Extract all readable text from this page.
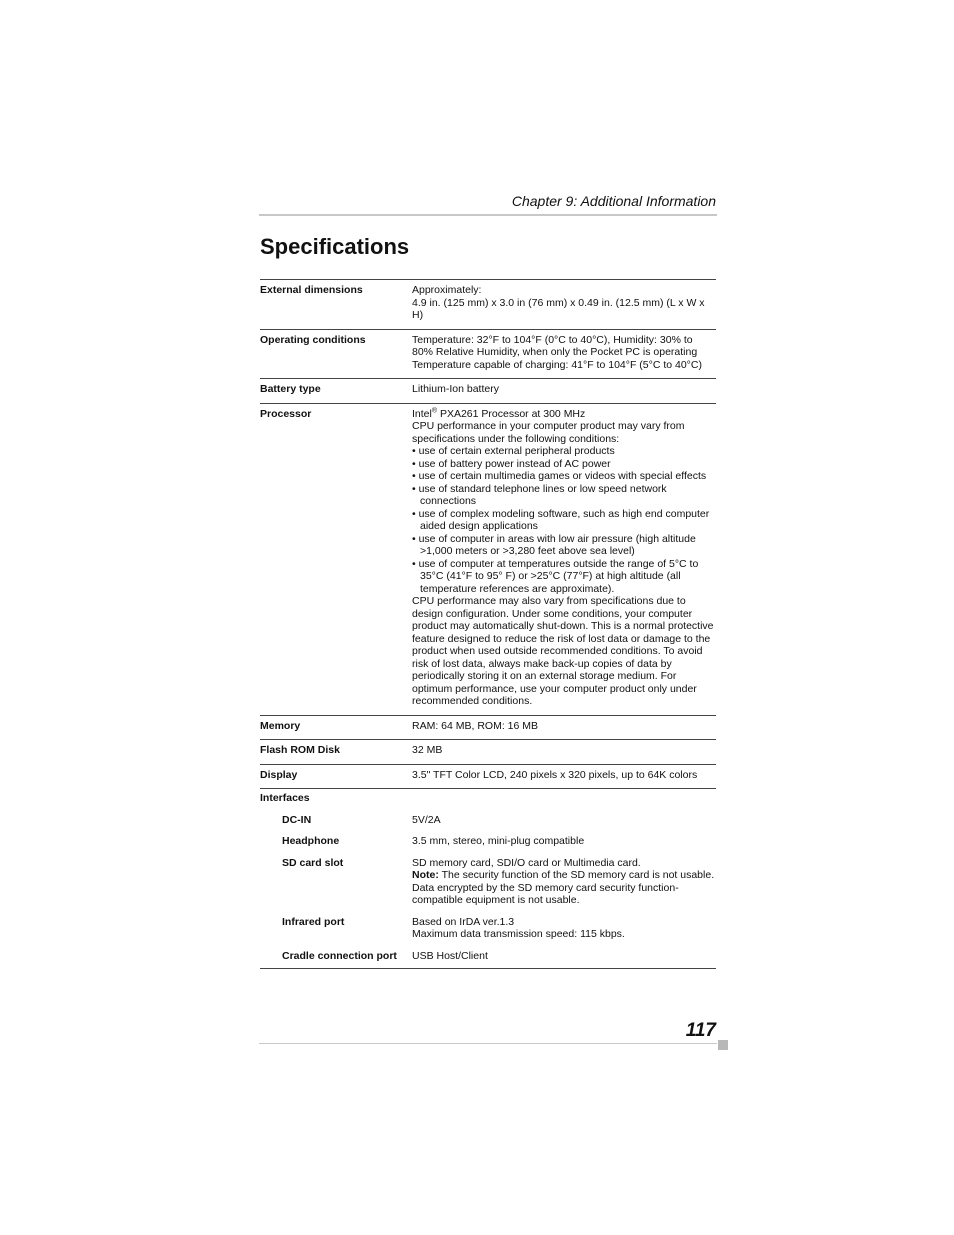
Chapter 9: Additional Information
Specifications
External dimensions	Approximately:
4.9 in. (125 mm) x 3.0 in (76 mm) x 0.49 in. (12.5 mm) (L x W x H)
Operating conditions	Temperature: 32°F to 104°F (0°C to 40°C), Humidity: 30% to
80% Relative Humidity, when only the Pocket PC is operating
Temperature capable of charging: 41°F to 104°F (5°C to 40°C)
Battery type	Lithium-Ion battery
Processor	Intel® PXA261 Processor at 300 MHz
CPU performance in your computer product may vary from
specifications under the following conditions:
• use of certain external peripheral products
• use of battery power instead of AC power
• use of certain multimedia games or videos with special effects
• use of standard telephone lines or low speed network connections
• use of complex modeling software, such as high end computer aided design applications
• use of computer in areas with low air pressure (high altitude >1,000 meters or >3,280 feet above sea level)
• use of computer at temperatures outside the range of 5°C to 35°C (41°F to 95° F) or >25°C (77°F) at high altitude (all temperature references are approximate).
CPU performance may also vary from specifications due to design configuration. Under some conditions, your computer product may automatically shut-down. This is a normal protective feature designed to reduce the risk of lost data or damage to the product when used outside recommended conditions. To avoid risk of lost data, always make back-up copies of data by periodically storing it on an external storage medium. For optimum performance, use your computer product only under recommended conditions.
Memory	RAM: 64 MB, ROM: 16 MB
Flash ROM Disk	32 MB
Display	3.5" TFT Color LCD, 240 pixels x 320 pixels, up to 64K colors
Interfaces
DC-IN	5V/2A
Headphone	3.5 mm, stereo, mini-plug compatible
SD card slot	SD memory card, SDI/O card or Multimedia card.
Note: The security function of the SD memory card is not usable. Data encrypted by the SD memory card security function-compatible equipment is not usable.
Infrared port	Based on IrDA ver.1.3
Maximum data transmission speed: 115 kbps.
Cradle connection port	USB Host/Client
117
